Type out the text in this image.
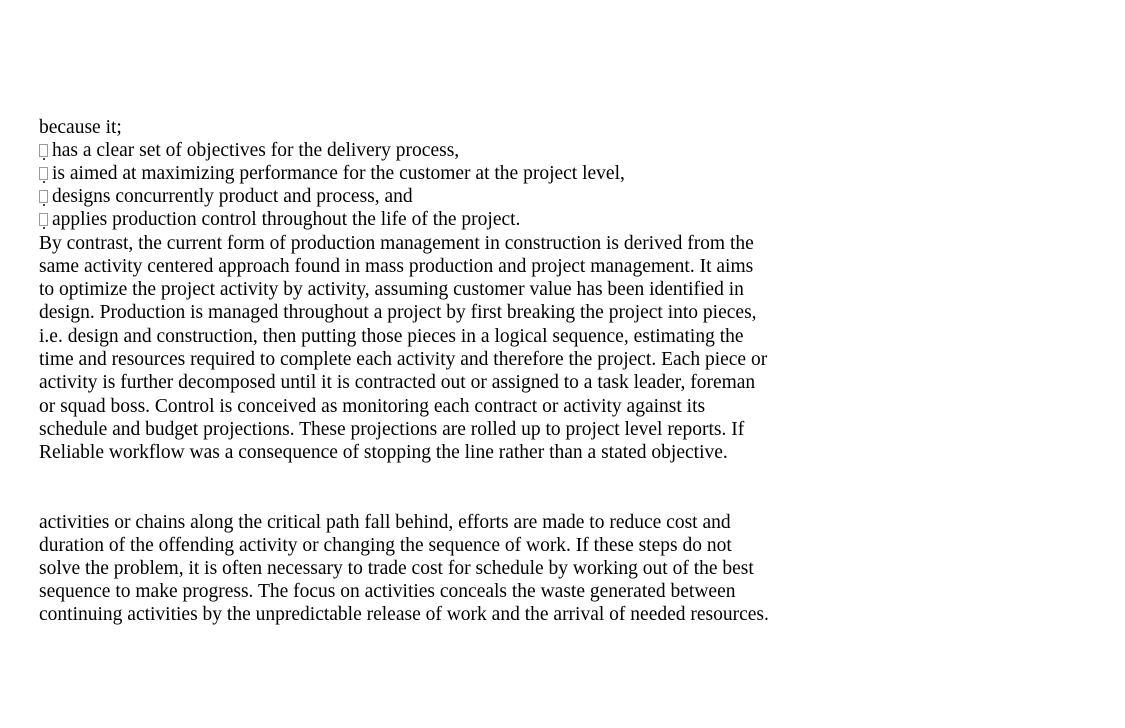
because it;
has a clear set of objectives for the delivery process,
is aimed at maximizing performance for the customer at the project level,
designs concurrently product and process, and
applies production control throughout the life of the project.
By contrast, the current form of production management in construction is derived from the
same activity centered approach found in mass production and project management. It aims
to optimize the project activity by activity, assuming customer value has been identified in
design. Production is managed throughout a project by first breaking the project into pieces,
i.e. design and construction, then putting those pieces in a logical sequence, estimating the
time and resources required to complete each activity and therefore the project. Each piece or
activity is further decomposed until it is contracted out or assigned to a task leader, foreman
or squad boss. Control is conceived as monitoring each contract or activity against its
schedule and budget projections. These projections are rolled up to project level reports. If
Reliable workflow was a consequence of stopping the line rather than a stated objective.
activities or chains along the critical path fall behind, efforts are made to reduce cost and
duration of the offending activity or changing the sequence of work. If these steps do not
solve the problem, it is often necessary to trade cost for schedule by working out of the best
sequence to make progress. The focus on activities conceals the waste generated between
continuing activities by the unpredictable release of work and the arrival of needed resources.
